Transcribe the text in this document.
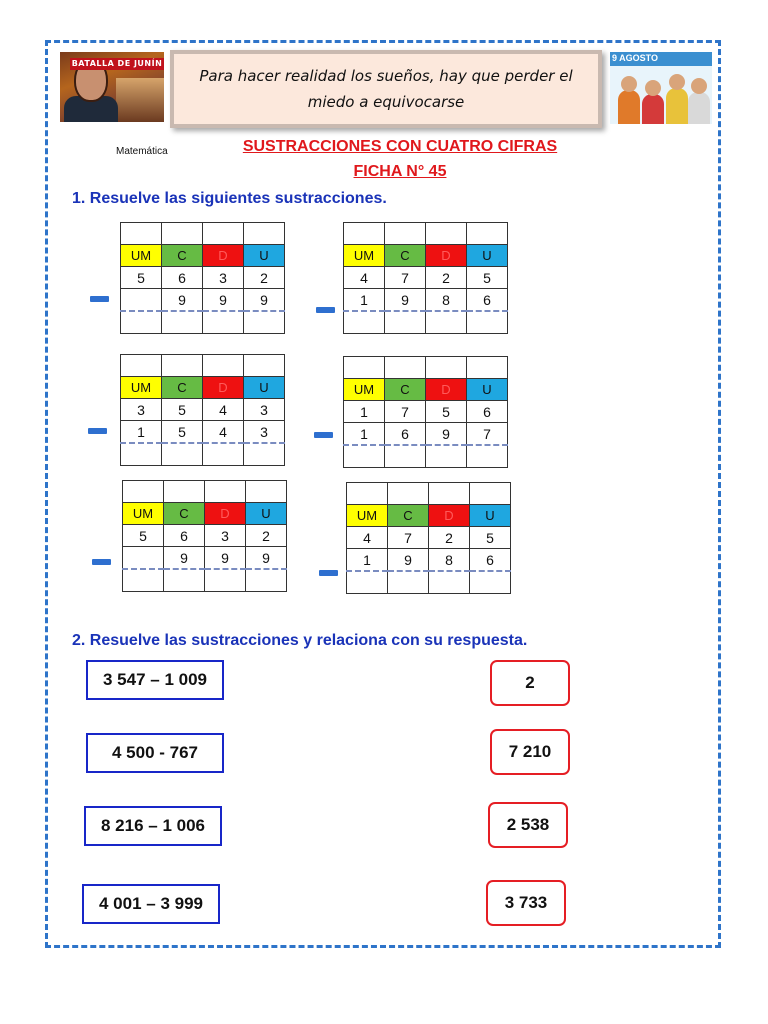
BATALLA DE JUNÍN
Para hacer realidad los sueños, hay que perder el
miedo a equivocarse
9 AGOSTO
Matemática	SUSTRACCIONES CON CUATRO CIFRAS
FICHA N° 45
1. Resuelve las siguientes sustracciones.

UM	C	D	U
5	6	3	2
	9	9	9

UM	C	D	U
4	7	2	5
1	9	8	6

UM	C	D	U
3	5	4	3
1	5	4	3

UM	C	D	U
1	7	5	6
1	6	9	7

UM	C	D	U
5	6	3	2
	9	9	9

UM	C	D	U
4	7	2	5
1	9	8	6

2. Resuelve las sustracciones y relaciona con su respuesta.
3 547 – 1 009
4 500 - 767
8 216 – 1 006
4 001 – 3 999
2
7 210
2 538
3 733
